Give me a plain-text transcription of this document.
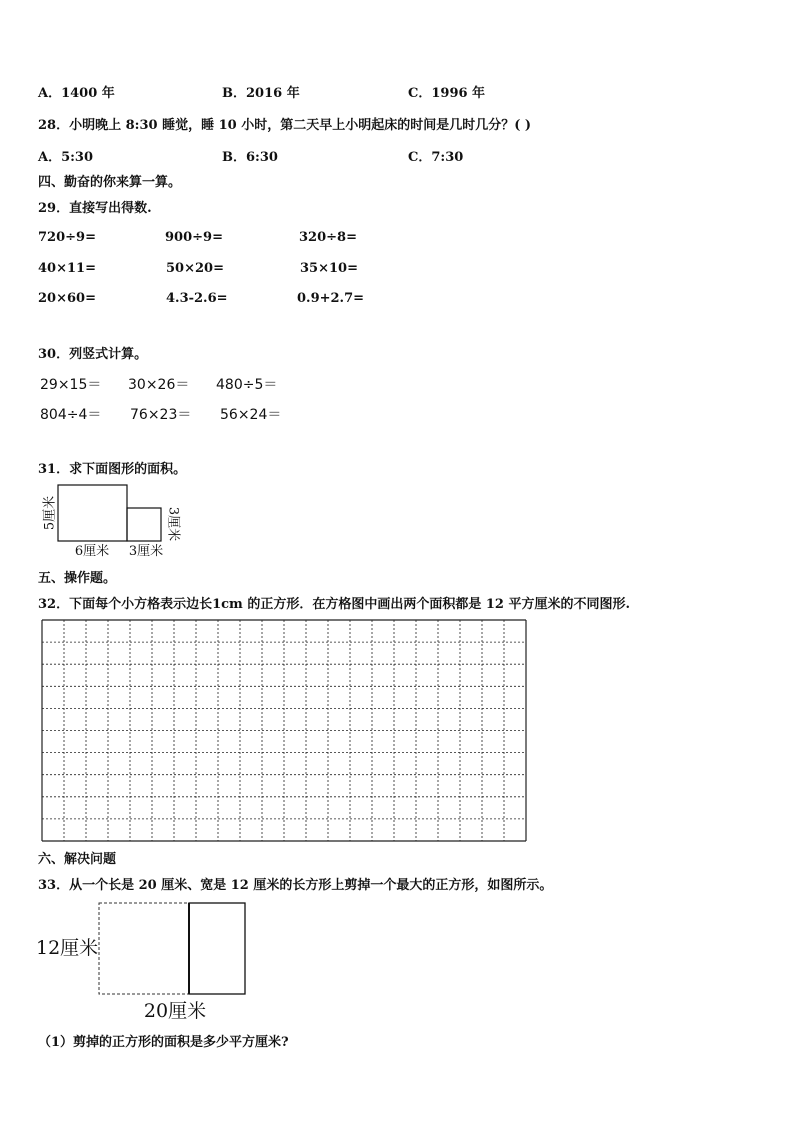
A．1400 年	B．2016 年	C．1996 年
28．小明晚上 8:30 睡觉，睡 10 小时，第二天早上小明起床的时间是几时几分？( )
A．5:30	B．6:30	C．7:30
四、勤奋的你来算一算。
29．直接写出得数.
720÷9=	900÷9=	320÷8=
40×11=	50×20=	35×10=
20×60=	4.3-2.6=	0.9+2.7=
30．列竖式计算。
29×15＝ 30×26＝ 480÷5＝
804÷4＝ 76×23＝ 56×24＝
31．求下面图形的面积。
5厘米	3厘米
6厘米 3厘米
五、操作题。
32．下面每个小方格表示边长1cm 的正方形．在方格图中画出两个面积都是 12 平方厘米的不同图形.
六、解决问题
33．从一个长是 20 厘米、宽是 12 厘米的长方形上剪掉一个最大的正方形，如图所示。
12厘米
20厘米
（1）剪掉的正方形的面积是多少平方厘米?
